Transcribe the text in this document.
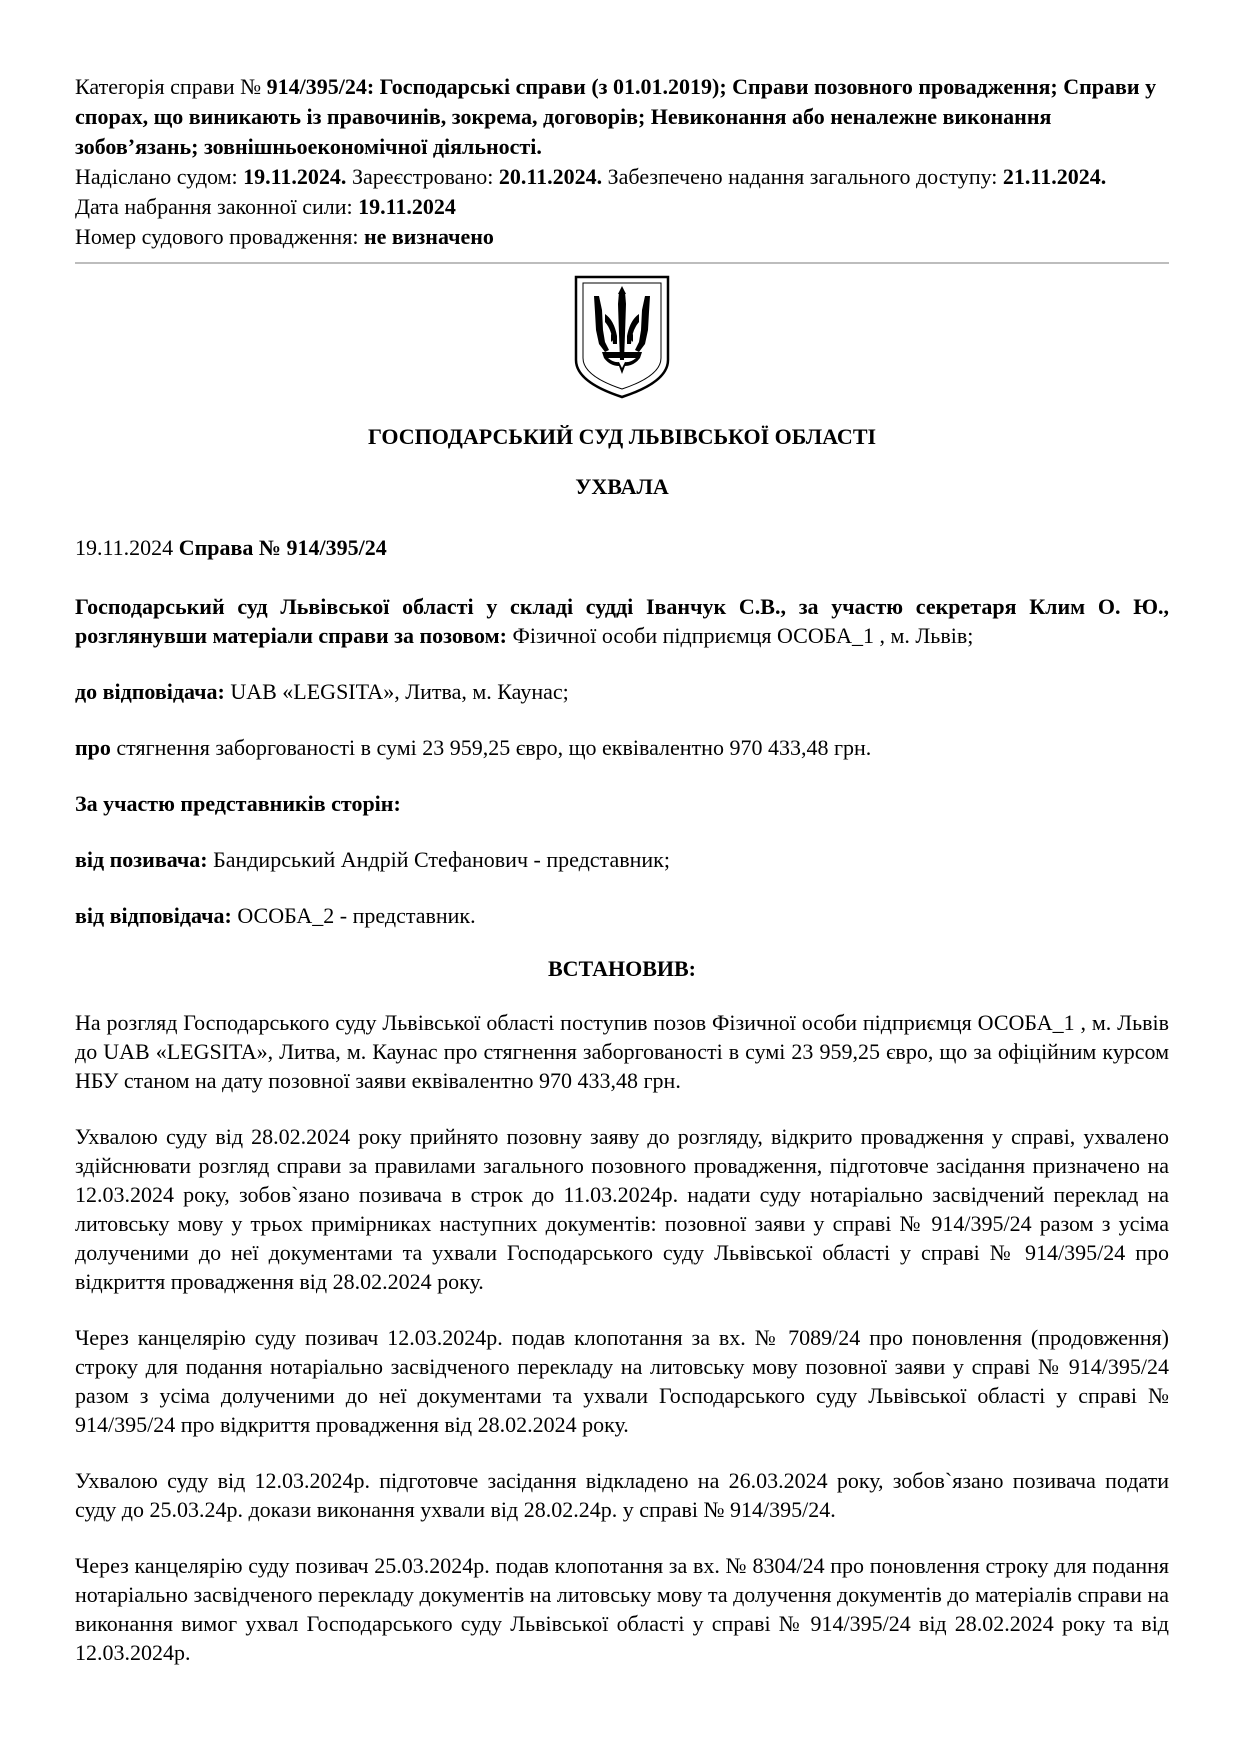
Категорія справи № 914/395/24: Господарські справи (з 01.01.2019); Справи позовного провадження; Справи у спорах, що виникають із правочинів, зокрема, договорів; Невиконання або неналежне виконання зобов’язань; зовнішньоекономічної діяльності.

Надіслано судом: 19.11.2024. Зареєстровано: 20.11.2024. Забезпечено надання загального доступу: 21.11.2024.

Дата набрання законної сили: 19.11.2024

Номер судового провадження: не визначено

ГОСПОДАРСЬКИЙ СУД ЛЬВІВСЬКОЇ ОБЛАСТІ

УХВАЛА

19.11.2024 Справа № 914/395/24

Господарський суд Львівської області у складі судді Іванчук С.В., за участю секретаря Клим О. Ю., розглянувши матеріали справи за позовом: Фізичної особи підприємця ОСОБА_1 , м. Львів;

до відповідача: UAB «LEGSITA», Литва, м. Каунас;

про стягнення заборгованості в сумі 23 959,25 євро, що еквівалентно 970 433,48 грн.

За участю представників сторін:

від позивача: Бандирський Андрій Стефанович - представник;

від відповідача: ОСОБА_2 - представник.

ВСТАНОВИВ:

На розгляд Господарського суду Львівської області поступив позов Фізичної особи підприємця ОСОБА_1 , м. Львів до UAB «LEGSITA», Литва, м. Каунас про стягнення заборгованості в сумі 23 959,25 євро, що за офіційним курсом НБУ станом на дату позовної заяви еквівалентно 970 433,48 грн.

Ухвалою суду від 28.02.2024 року прийнято позовну заяву до розгляду, відкрито провадження у справі, ухвалено здійснювати розгляд справи за правилами загального позовного провадження, підготовче засідання призначено на 12.03.2024 року, зобов`язано позивача в строк до 11.03.2024р. надати суду нотаріально засвідчений переклад на литовську мову у трьох примірниках наступних документів: позовної заяви у справі № 914/395/24 разом з усіма долученими до неї документами та ухвали Господарського суду Львівської області у справі № 914/395/24 про відкриття провадження від 28.02.2024 року.

Через канцелярію суду позивач 12.03.2024р. подав клопотання за вх. № 7089/24 про поновлення (продовження) строку для подання нотаріально засвідченого перекладу на литовську мову позовної заяви у справі № 914/395/24 разом з усіма долученими до неї документами та ухвали Господарського суду Львівської області у справі № 914/395/24 про відкриття провадження від 28.02.2024 року.

Ухвалою суду від 12.03.2024р. підготовче засідання відкладено на 26.03.2024 року, зобов`язано позивача подати суду до 25.03.24р. докази виконання ухвали від 28.02.24р. у справі № 914/395/24.

Через канцелярію суду позивач 25.03.2024р. подав клопотання за вх. № 8304/24 про поновлення строку для подання нотаріально засвідченого перекладу документів на литовську мову та долучення документів до матеріалів справи на виконання вимог ухвал Господарського суду Львівської області у справі № 914/395/24 від 28.02.2024 року та від 12.03.2024р.
